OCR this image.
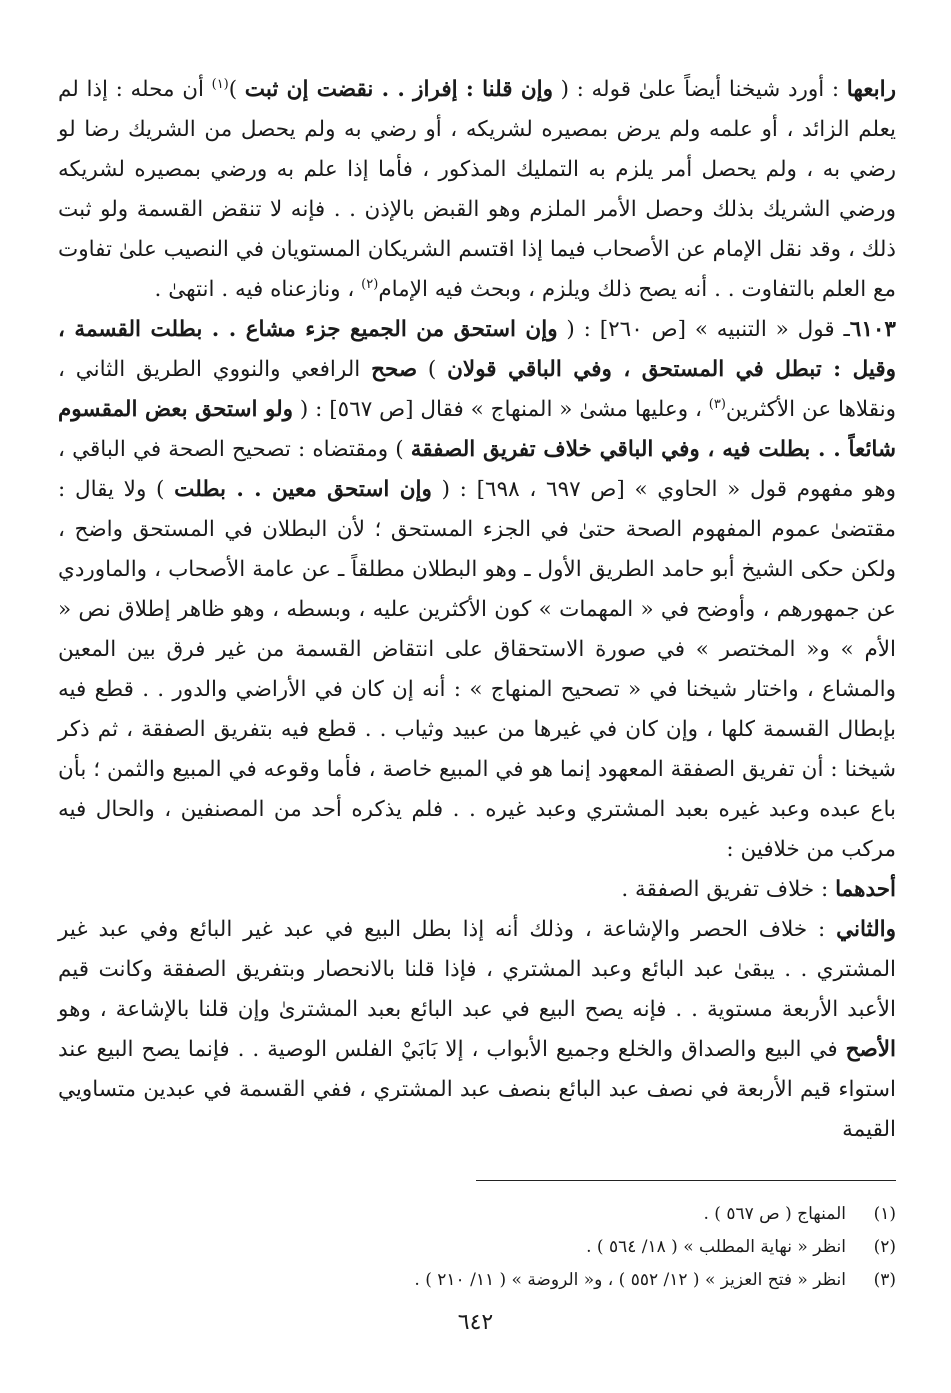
رابعها : أورد شيخنا أيضاً علىٰ قوله : ( وإن قلنا : إفراز . . نقضت إن ثبت )$^{(١)}$ أن محله : إذا لم يعلم الزائد ، أو علمه ولم يرض بمصيره لشريكه ، أو رضي به ولم يحصل من الشريك رضا لو رضي به ، ولم يحصل أمر يلزم به التمليك المذكور ، فأما إذا علم به ورضي بمصيره لشريكه ورضي الشريك بذلك وحصل الأمر الملزم وهو القبض بالإذن . . فإنه لا تنقض القسمة ولو ثبت ذلك ، وقد نقل الإمام عن الأصحاب فيما إذا اقتسم الشريكان المستويان في النصيب علىٰ تفاوت مع العلم بالتفاوت . . أنه يصح ذلك ويلزم ، وبحث فيه الإمام$^{(٢)}$ ، ونازعناه فيه . انتهىٰ .

٦١٠٣ـ قول « التنبيه » [ص ٢٦٠] : ( وإن استحق من الجميع جزء مشاع . . بطلت القسمة ، وقيل : تبطل في المستحق ، وفي الباقي قولان ) صحح الرافعي والنووي الطريق الثاني ، ونقلاها عن الأكثرين$^{(٣)}$ ، وعليها مشىٰ « المنهاج » فقال [ص ٥٦٧] : ( ولو استحق بعض المقسوم شائعاً . . بطلت فيه ، وفي الباقي خلاف تفريق الصفقة ) ومقتضاه : تصحيح الصحة في الباقي ، وهو مفهوم قول « الحاوي » [ص ٦٩٧ ، ٦٩٨] : ( وإن استحق معين . . بطلت ) ولا يقال : مقتضىٰ عموم المفهوم الصحة حتىٰ في الجزء المستحق ؛ لأن البطلان في المستحق واضح ، ولكن حكى الشيخ أبو حامد الطريق الأول ـ وهو البطلان مطلقاً ـ عن عامة الأصحاب ، والماوردي عن جمهورهم ، وأوضح في « المهمات » كون الأكثرين عليه ، وبسطه ، وهو ظاهر إطلاق نص « الأم » و« المختصر » في صورة الاستحقاق على انتقاض القسمة من غير فرق بين المعين والمشاع ، واختار شيخنا في « تصحيح المنهاج » : أنه إن كان في الأراضي والدور . . قطع فيه بإبطال القسمة كلها ، وإن كان في غيرها من عبيد وثياب . . قطع فيه بتفريق الصفقة ، ثم ذكر شيخنا : أن تفريق الصفقة المعهود إنما هو في المبيع خاصة ، فأما وقوعه في المبيع والثمن ؛ بأن باع عبده وعبد غيره بعبد المشتري وعبد غيره . . فلم يذكره أحد من المصنفين ، والحال فيه مركب من خلافين :

أحدهما : خلاف تفريق الصفقة .

والثاني : خلاف الحصر والإشاعة ، وذلك أنه إذا بطل البيع في عبد غير البائع وفي عبد غير المشتري . . يبقىٰ عبد البائع وعبد المشتري ، فإذا قلنا بالانحصار وبتفريق الصفقة وكانت قيم الأعبد الأربعة مستوية . . فإنه يصح البيع في عبد البائع بعبد المشترىٰ وإن قلنا بالإشاعة ، وهو الأصح في البيع والصداق والخلع وجميع الأبواب ، إلا بَابَيْ الفلس الوصية . . فإنما يصح البيع عند استواء قيم الأربعة في نصف عبد البائع بنصف عبد المشتري ، ففي القسمة في عبدين متساويي القيمة

(١)
المنهاج ( ص ٥٦٧ ) .
(٢)
انظر « نهاية المطلب » ( ١٨/ ٥٦٤ ) .
(٣)
انظر « فتح العزيز » ( ١٢/ ٥٥٢ ) ، و« الروضة » ( ١١/ ٢١٠ ) .
٦٤٢
